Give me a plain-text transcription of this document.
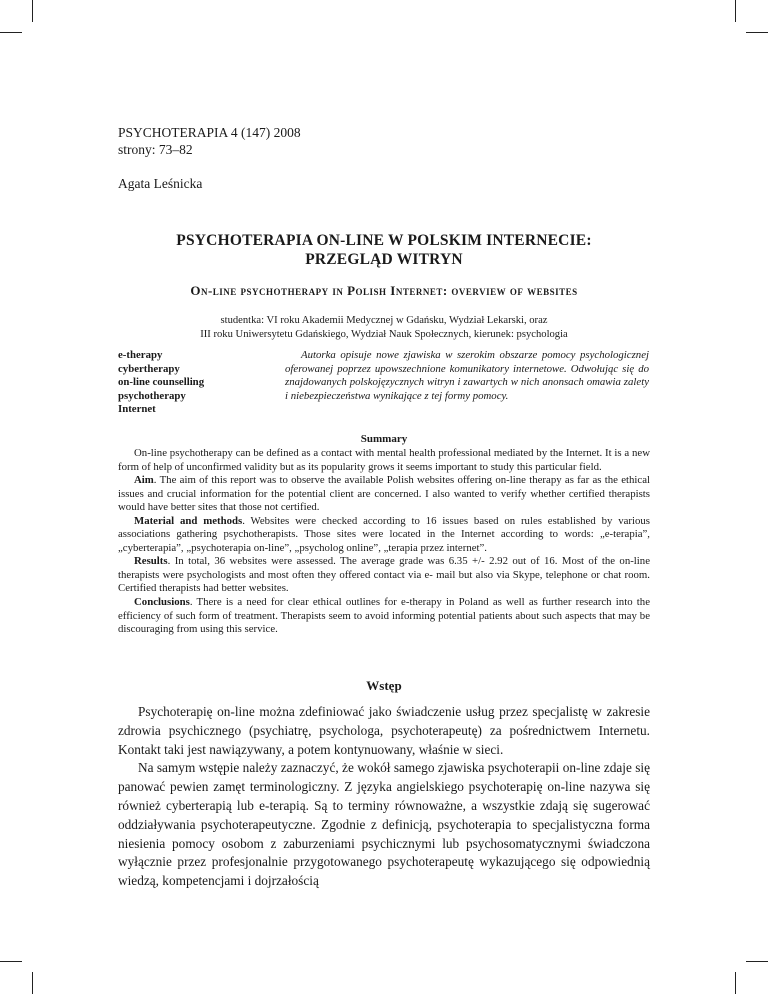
PSYCHOTERAPIA 4 (147) 2008
strony: 73–82
Agata Leśnicka
PSYCHOTERAPIA ON-LINE W POLSKIM INTERNECIE:
PRZEGLĄD WITRYN
On-line psychotherapy in Polish Internet: overview of websites
studentka: VI roku Akademii Medycznej w Gdańsku, Wydział Lekarski, oraz
III roku Uniwersytetu Gdańskiego, Wydział Nauk Społecznych, kierunek: psychologia
e-therapy
cybertherapy
on-line counselling
psychotherapy
Internet
Autorka opisuje nowe zjawiska w szerokim obszarze pomocy psychologicznej oferowanej poprzez upowszechnione komunikatory internetowe. Odwołując się do znajdowanych polskojęzycznych witryn i zawartych w nich anonsach omawia zalety i niebezpieczeństwa wynikające z tej formy pomocy.
Summary

On-line psychotherapy can be defined as a contact with mental health professional mediated by the Internet. It is a new form of help of unconfirmed validity but as its popularity grows it seems important to study this particular field.

Aim. The aim of this report was to observe the available Polish websites offering on-line therapy as far as the ethical issues and crucial information for the potential client are concerned. I also wanted to verify whether certified therapists would have better sites that those not certified.

Material and methods. Websites were checked according to 16 issues based on rules established by various associations gathering psychotherapists. Those sites were located in the Internet according to words: „e-terapia”, „cyberterapia”, „psychoterapia on-line”, „psycholog online”, „terapia przez internet”.

Results. In total, 36 websites were assessed. The average grade was 6.35 +/- 2.92 out of 16. Most of the on-line therapists were psychologists and most often they offered contact via e- mail but also via Skype, telephone or chat room. Certified therapists had better websites.

Conclusions. There is a need for clear ethical outlines for e-therapy in Poland as well as further research into the efficiency of such form of treatment. Therapists seem to avoid informing potential patients about such aspects that may be discouraging from using this service.

Wstęp

Psychoterapię on-line można zdefiniować jako świadczenie usług przez specjalistę w zakresie zdrowia psychicznego (psychiatrę, psychologa, psychoterapeutę) za pośrednictwem Internetu. Kontakt taki jest nawiązywany, a potem kontynuowany, właśnie w sieci.

Na samym wstępie należy zaznaczyć, że wokół samego zjawiska psychoterapii on-line zdaje się panować pewien zamęt terminologiczny. Z języka angielskiego psychoterapię on-line nazywa się również cyberterapią lub e-terapią. Są to terminy równoważne, a wszystkie zdają się sugerować oddziaływania psychoterapeutyczne. Zgodnie z definicją, psychoterapia to specjalistyczna forma niesienia pomocy osobom z zaburzeniami psychicznymi lub psychosomatycznymi świadczona wyłącznie przez profesjonalnie przygotowanego psychoterapeutę wykazującego się odpowiednią wiedzą, kompetencjami i dojrzałością
